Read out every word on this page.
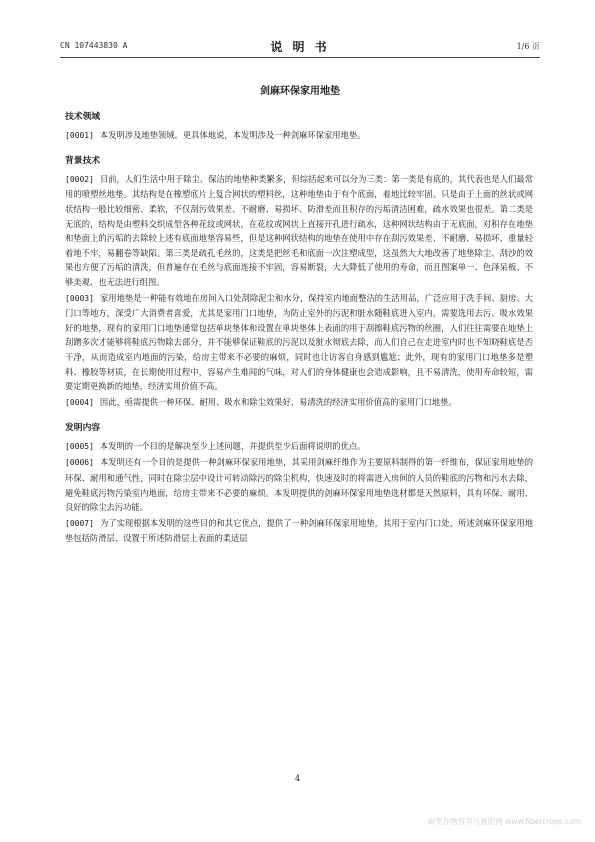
CN 107443830 A	说 明 书	1/6 页
剑麻环保家用地垫
技术领域

[0001] 本发明涉及地垫领域。更具体地说，本发明涉及一种剑麻环保家用地垫。

背景技术

[0002] 目前，人们生活中用于除尘、保洁的地垫种类繁多，但综括起来可以分为三类：第一类是有底的，其代表也是人们最常用的喷塑丝地垫。其结构是在橡塑底片上复合网状的塑料丝，这种地垫由于有个底面，着地比较牢固。只是由于上面的丝状或网状结构一般比较细密、柔软，不仅刮污效果差、不耐磨、易损坏、防滑差而且积存的污垢清洁困难，疏水效果也很差。第二类是无底的，结构是由塑料交织成型各种花纹或网状，在花纹或网状上直接开孔进行疏水，这种网状结构由于无底面，对积存在地垫和垫面上的污垢的去除较上述有底面地垫容易些，但是这种网状结构的地垫在使用中存在刮污效果差、不耐磨、易损坏、重量轻着地不牢，易翻卷等缺陷。第三类是疏孔毛丝的，这类是把丝毛和底面一次注塑成型，这虽然大大地改善了地垫除尘、刮沙的效果也方便了污垢的清洗，但普遍存在毛丝与底面连接不牢固，容易断裂，大大降低了使用的寿命，而且图案单一、色泽呆板、不够美观、也无法进行组图。

[0003] 家用地垫是一种能有效地在房间入口处刮除泥尘和水分，保持室内地面整洁的生活用品，广泛应用于洗手间、厨房、大门口等地方，深受广大消费者喜爱，尤其是家用门口地垫，为防止室外的污泥和脏水随鞋底进入室内，需要选用去污、吸水效果好的地垫，现有的家用门口地垫通常包括单块垫体和设置在单块垫体上表面的用于刮擦鞋底污物的丝圈，人们往往需要在地垫上刮蹭多次才能够将鞋底污物除去部分，并不能够保证鞋底的污泥以及脏水彻底去除，而人们自己在走进室内时也不知晓鞋底是否干净，从而造成室内地面的污染，给房主带来不必要的麻烦，同时也让访客自身感到尴尬；此外，现有的家用门口地垫多是塑料、橡胶等材质，在长期使用过程中，容易产生难闻的气味，对人们的身体健康也会造成影响，且不易清洗，使用寿命较短，需要定期更换新的地垫，经济实用价值不高。

[0004] 因此，亟需提供一种环保、耐用、吸水和除尘效果好、易清洗的经济实用价值高的家用门口地垫。

发明内容

[0005] 本发明的一个目的是解决至少上述问题，并提供至少后面将说明的优点。

[0006] 本发明还有一个目的是提供一种剑麻环保家用地垫，其采用剑麻纤维作为主要原料制得的第一纤维布，保证家用地垫的环保、耐用和通气性，同时在除尘层中设计可转动除污的除尘机构，快速及时的将需进入房间的人员的鞋底的污物和污水去除，避免鞋底污物污染室内地面，给房主带来不必要的麻烦。本发明提供的剑麻环保家用地垫选材都是天然原料，具有环保、耐用、良好的除尘去污功能。

[0007] 为了实现根据本发明的这些目的和其它优点，提供了一种剑麻环保家用地垫，其用于室内门口处，所述剑麻环保家用地垫包括防滑层、设置于所述防滑层上表面的柔适层

4
麻类作物营养与施肥网 www.fibercrops.com
